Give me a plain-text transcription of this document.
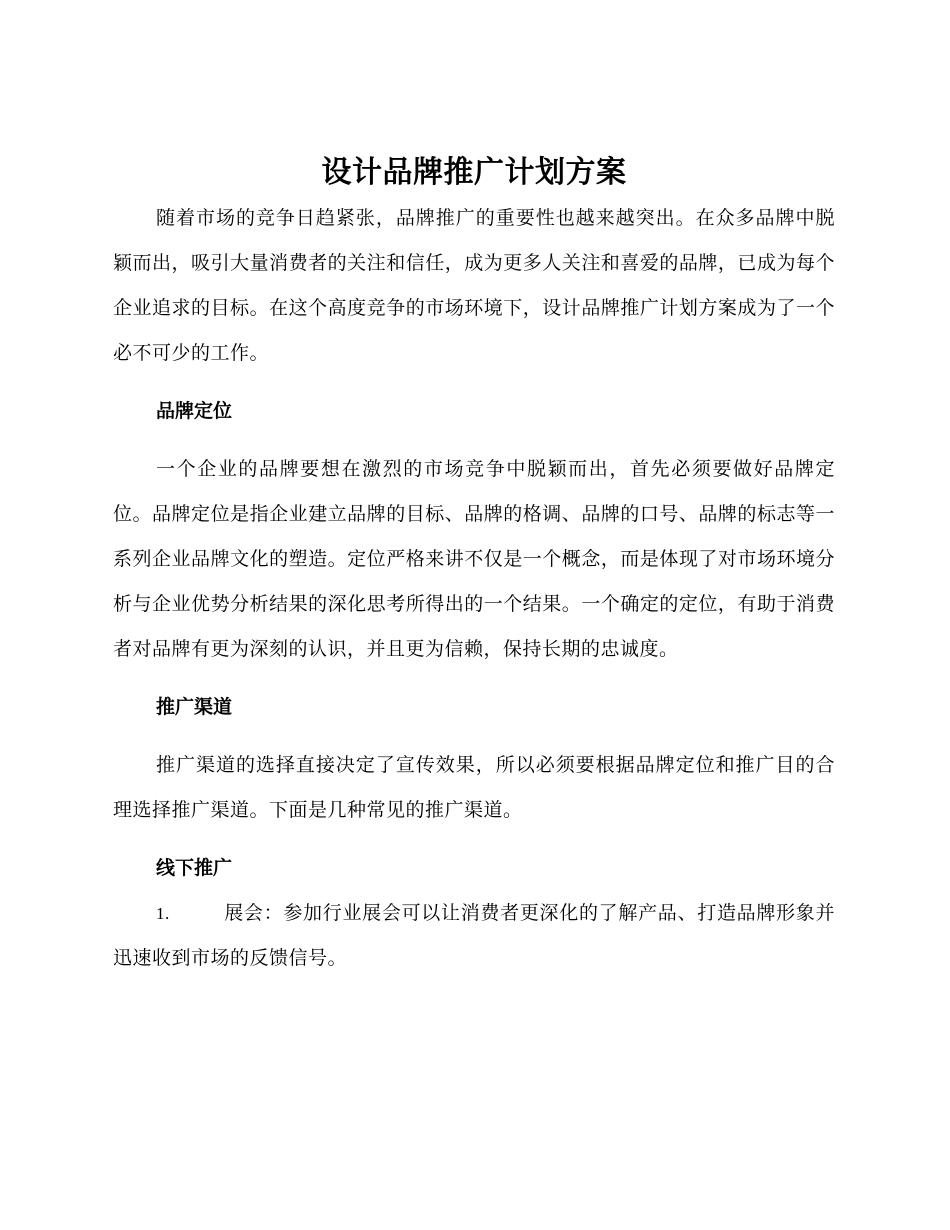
设计品牌推广计划方案

随着市场的竞争日趋紧张，品牌推广的重要性也越来越突出。在众多品牌中脱颖而出，吸引大量消费者的关注和信任，成为更多人关注和喜爱的品牌，已成为每个企业追求的目标。在这个高度竞争的市场环境下，设计品牌推广计划方案成为了一个必不可少的工作。

品牌定位

一个企业的品牌要想在激烈的市场竞争中脱颖而出，首先必须要做好品牌定位。品牌定位是指企业建立品牌的目标、品牌的格调、品牌的口号、品牌的标志等一系列企业品牌文化的塑造。定位严格来讲不仅是一个概念，而是体现了对市场环境分析与企业优势分析结果的深化思考所得出的一个结果。一个确定的定位，有助于消费者对品牌有更为深刻的认识，并且更为信赖，保持长期的忠诚度。

推广渠道

推广渠道的选择直接决定了宣传效果，所以必须要根据品牌定位和推广目的合理选择推广渠道。下面是几种常见的推广渠道。

线下推广

1.	展会：参加行业展会可以让消费者更深化的了解产品、打造品牌形象并迅速收到市场的反馈信号。
